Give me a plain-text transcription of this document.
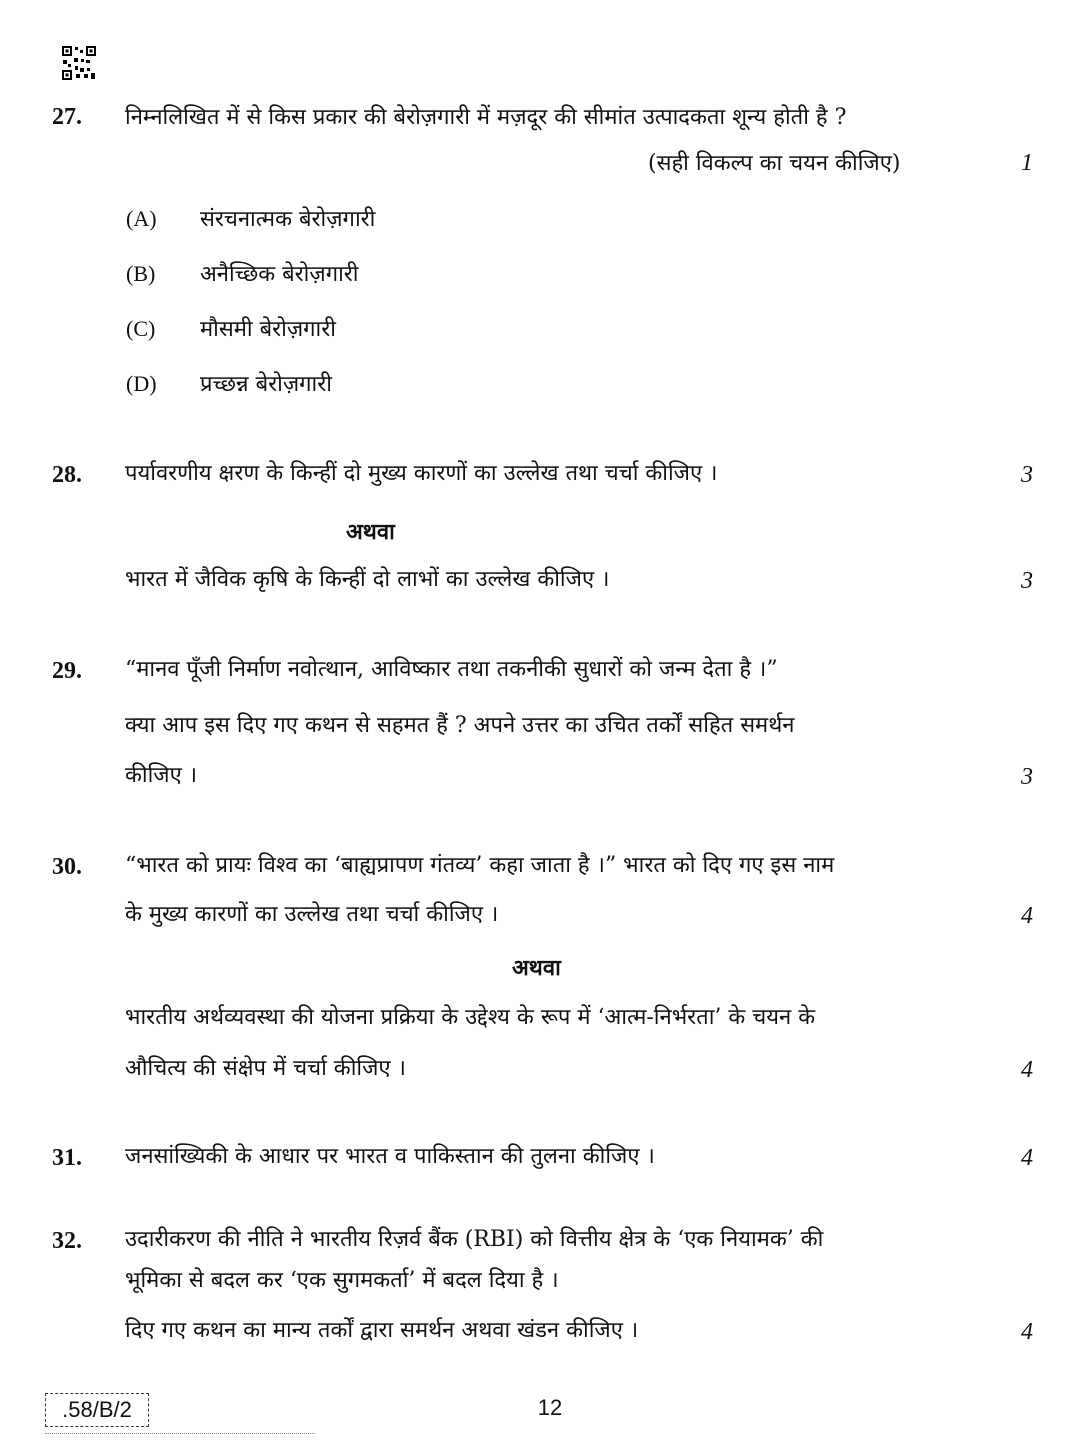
27. निम्नलिखित में से किस प्रकार की बेरोज़गारी में मज़दूर की सीमांत उत्पादकता शून्य होती है ?
(सही विकल्प का चयन कीजिए)	1
(A) संरचनात्मक बेरोज़गारी
(B) अनैच्छिक बेरोज़गारी
(C) मौसमी बेरोज़गारी
(D) प्रच्छन्न बेरोज़गारी
28. पर्यावरणीय क्षरण के किन्हीं दो मुख्य कारणों का उल्लेख तथा चर्चा कीजिए ।	3
अथवा
भारत में जैविक कृषि के किन्हीं दो लाभों का उल्लेख कीजिए ।	3
29. “मानव पूँजी निर्माण नवोत्थान, आविष्कार तथा तकनीकी सुधारों को जन्म देता है ।”
क्या आप इस दिए गए कथन से सहमत हैं ? अपने उत्तर का उचित तर्कों सहित समर्थन
कीजिए ।	3
30. “भारत को प्रायः विश्व का ‘बाह्यप्रापण गंतव्य’ कहा जाता है ।” भारत को दिए गए इस नाम
के मुख्य कारणों का उल्लेख तथा चर्चा कीजिए ।	4
अथवा
भारतीय अर्थव्यवस्था की योजना प्रक्रिया के उद्देश्य के रूप में ‘आत्म-निर्भरता’ के चयन के
औचित्य की संक्षेप में चर्चा कीजिए ।	4
31. जनसांख्यिकी के आधार पर भारत व पाकिस्तान की तुलना कीजिए ।	4
32. उदारीकरण की नीति ने भारतीय रिज़र्व बैंक (RBI) को वित्तीय क्षेत्र के ‘एक नियामक’ की
भूमिका से बदल कर ‘एक सुगमकर्ता’ में बदल दिया है ।
दिए गए कथन का मान्य तर्कों द्वारा समर्थन अथवा खंडन कीजिए ।	4
.58/B/2	12
